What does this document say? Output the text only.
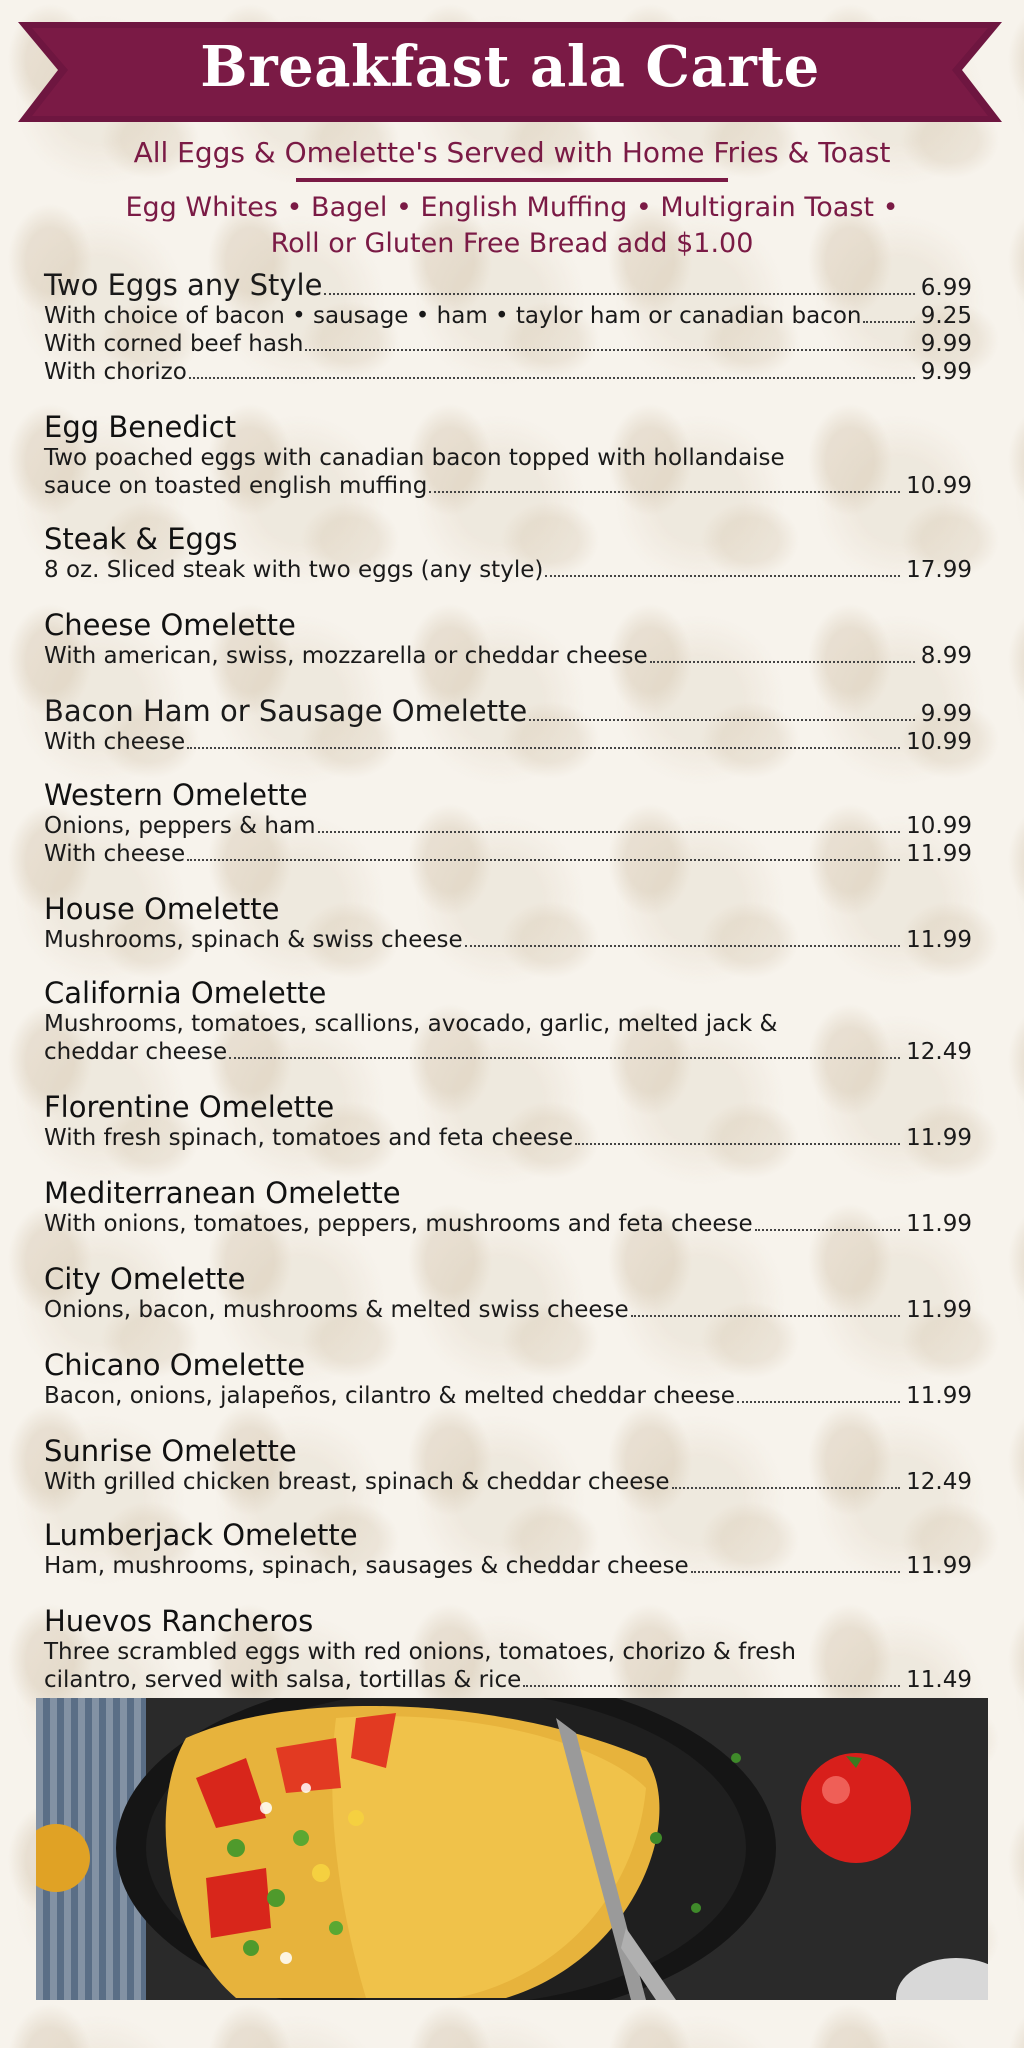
Breakfast ala Carte
All Eggs & Omelette's Served with Home Fries & Toast
Egg Whites • Bagel • English Muffing • Multigrain Toast •
Roll or Gluten Free Bread add $1.00
Two Eggs any Style	6.99
With choice of bacon • sausage • ham • taylor ham or canadian bacon	9.25
With corned beef hash	9.99
With chorizo	9.99
Egg Benedict
Two poached eggs with canadian bacon topped with hollandaise
sauce on toasted english muffing	10.99
Steak & Eggs
8 oz. Sliced steak with two eggs (any style)	17.99
Cheese Omelette
With american, swiss, mozzarella or cheddar cheese	8.99
Bacon Ham or Sausage Omelette	9.99
With cheese	10.99
Western Omelette
Onions, peppers & ham	10.99
With cheese	11.99
House Omelette
Mushrooms, spinach & swiss cheese	11.99
California Omelette
Mushrooms, tomatoes, scallions, avocado, garlic, melted jack &
cheddar cheese	12.49
Florentine Omelette
With fresh spinach, tomatoes and feta cheese	11.99
Mediterranean Omelette
With onions, tomatoes, peppers, mushrooms and feta cheese	11.99
City Omelette
Onions, bacon, mushrooms & melted swiss cheese	11.99
Chicano Omelette
Bacon, onions, jalapeños, cilantro & melted cheddar cheese	11.99
Sunrise Omelette
With grilled chicken breast, spinach & cheddar cheese	12.49
Lumberjack Omelette
Ham, mushrooms, spinach, sausages & cheddar cheese	11.99
Huevos Rancheros
Three scrambled eggs with red onions, tomatoes, chorizo & fresh
cilantro, served with salsa, tortillas & rice	11.49
